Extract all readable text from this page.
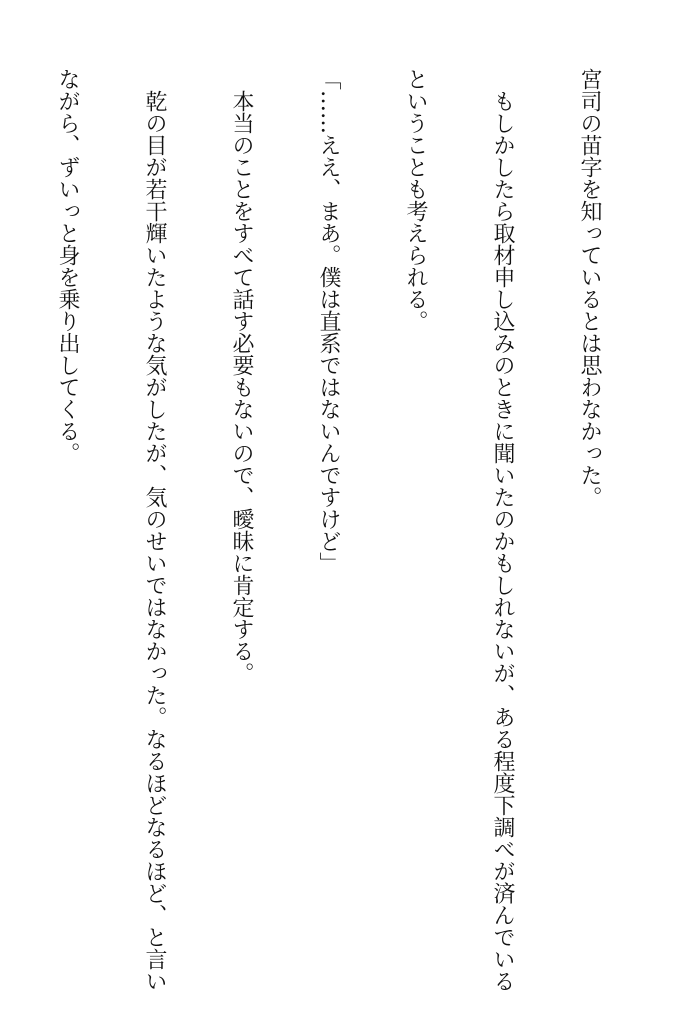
宮司の苗字を知っているとは思わなかった。

　もしかしたら取材申し込みのときに聞いたのかもしれないが、ある程度下調べが済んでいる

ということも考えられる。

「……ええ、まあ。僕は直系ではないんですけど」

　本当のことをすべて話す必要もないので、曖昧に肯定する。

　乾の目が若干輝いたような気がしたが、気のせいではなかった。なるほどなるほど、と言い

ながら、ずいっと身を乗り出してくる。
